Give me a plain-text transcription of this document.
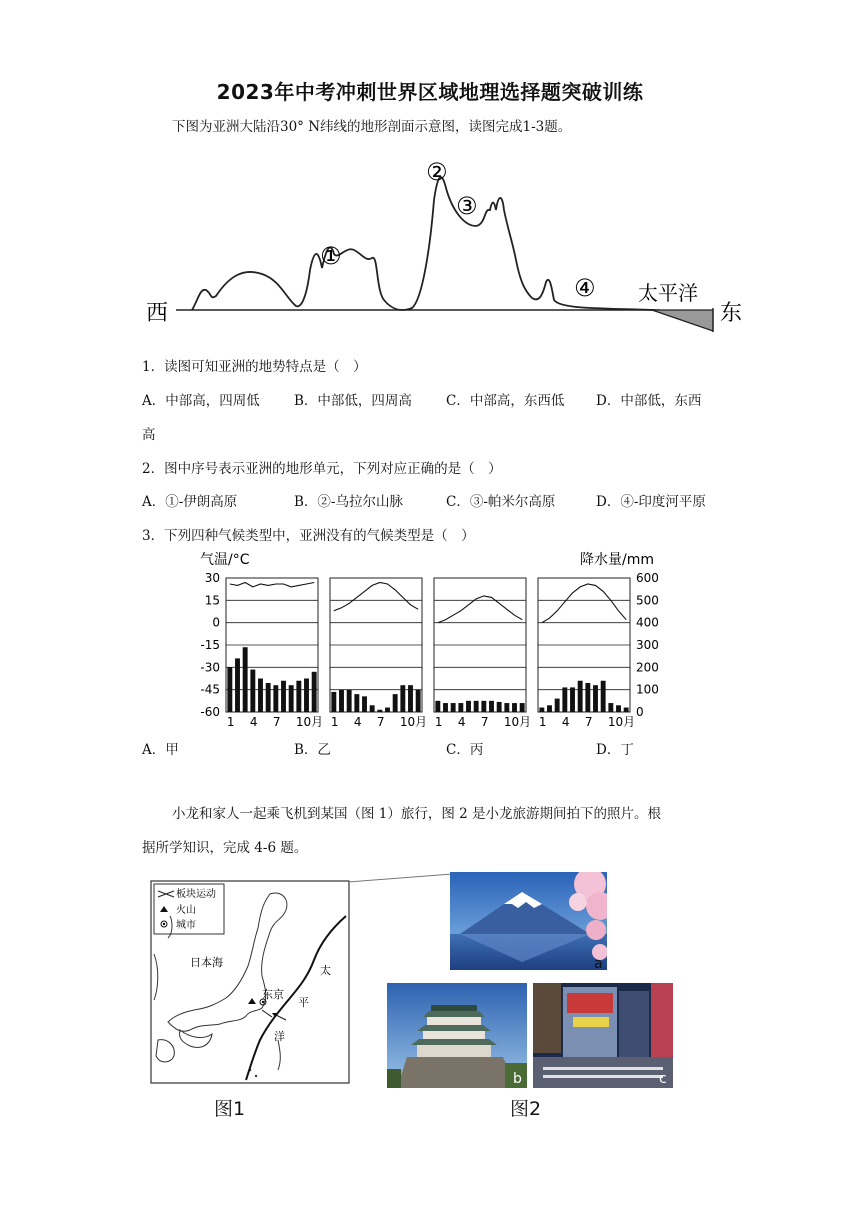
2023年中考冲刺世界区域地理选择题突破训练
下图为亚洲大陆沿30° N纬线的地形剖面示意图，读图完成1-3题。
西	东
太平洋
①
②
③
④
1．读图可知亚洲的地势特点是（　）
A．中部高，四周低	B．中部低，四周高	C．中部高，东西低 D．中部低，东西
高
2．图中序号表示亚洲的地形单元，下列对应正确的是（　）
A．①-伊朗高原	B．②-乌拉尔山脉	C．③-帕米尔高原	D．④-印度河平原
3．下列四种气候类型中，亚洲没有的气候类型是（　）
气温/°C	降水量/mm
30
15
0
-15
-30
-45
-60
600
500
400
300
200
100
0
1 4 7 10月 1 4 7 10月 1 4 7 10月 1 4 7 10月
A．甲	B．乙	C．丙	D．丁
小龙和家人一起乘飞机到某国（图 1）旅行，图 2 是小龙旅游期间拍下的照片。根
据所学知识，完成 4-6 题。
板块运动
火山
城市
日本海
东京
太
平
洋
a
b	c
图1	图2
